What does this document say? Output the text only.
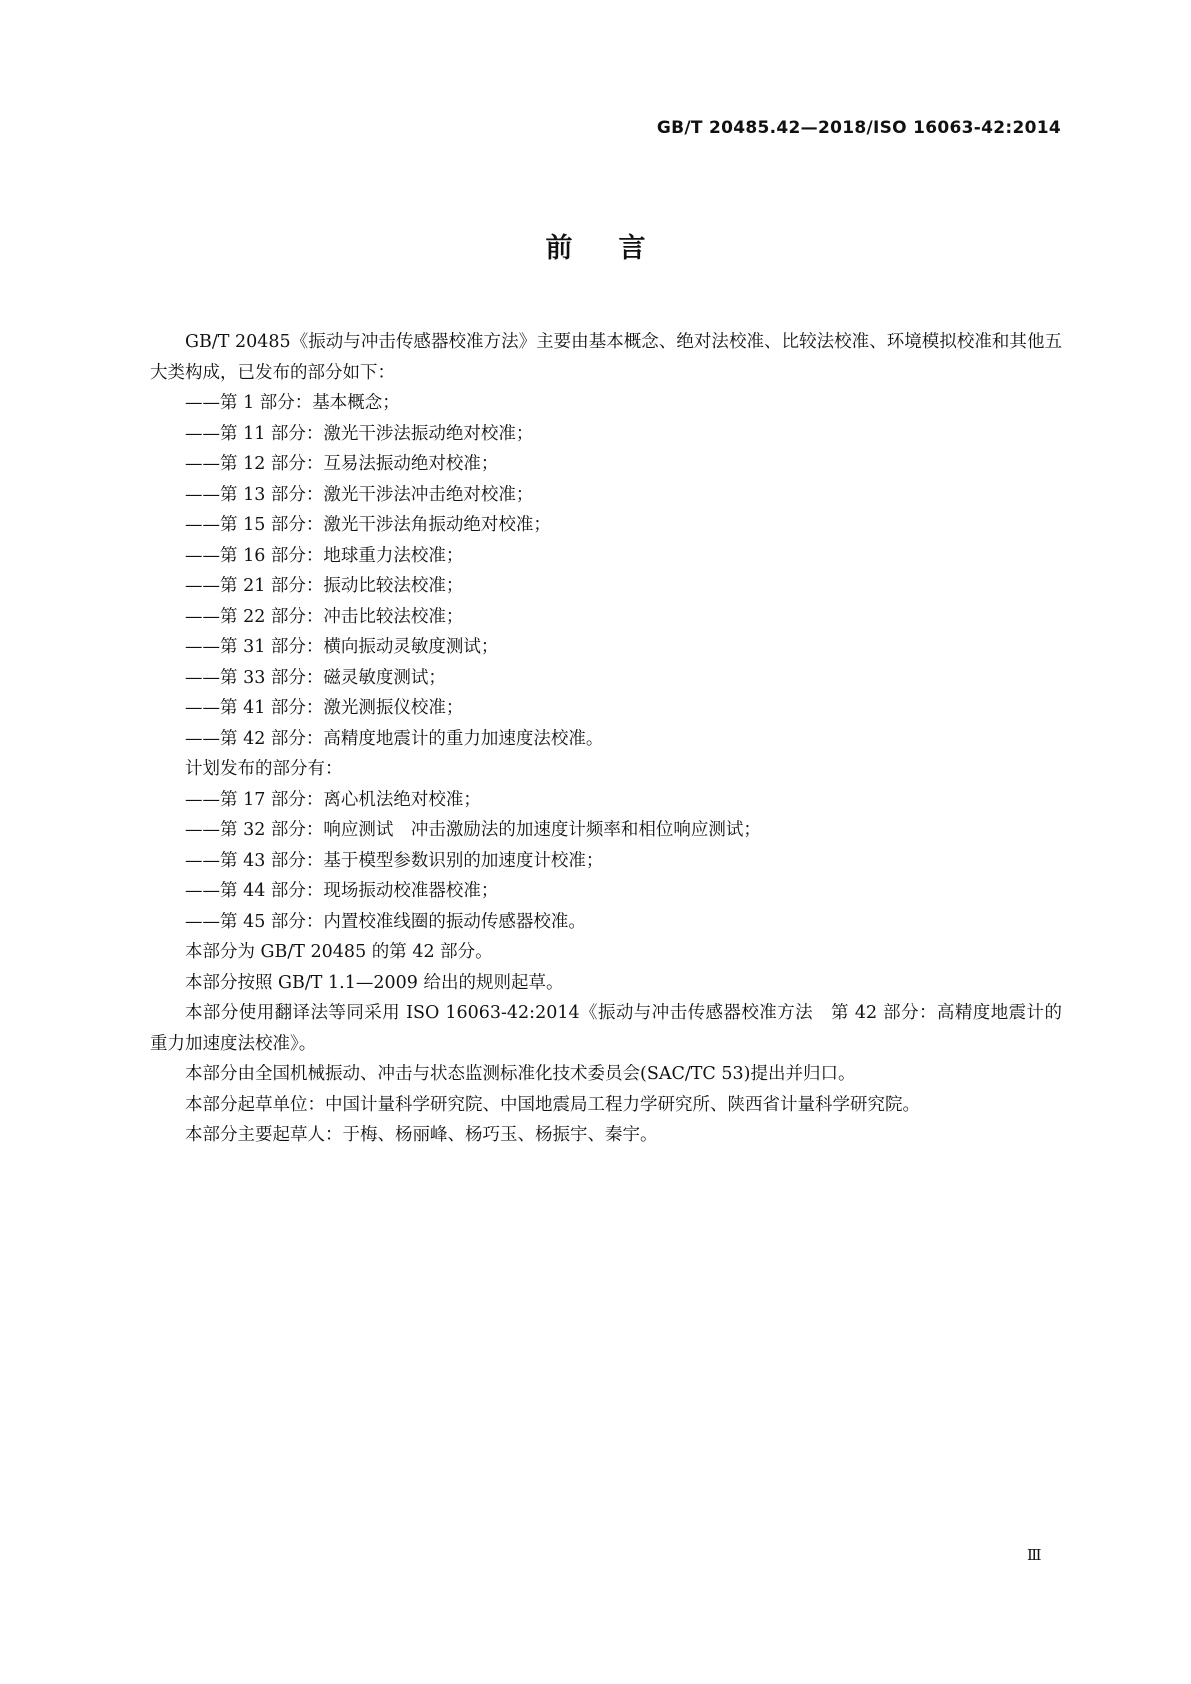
GB/T 20485.42—2018/ISO 16063-42:2014
前言

GB/T 20485《振动与冲击传感器校准方法》主要由基本概念、绝对法校准、比较法校准、环境模拟校准和其他五大类构成，已发布的部分如下：

——第 1 部分：基本概念；

——第 11 部分：激光干涉法振动绝对校准；

——第 12 部分：互易法振动绝对校准；

——第 13 部分：激光干涉法冲击绝对校准；

——第 15 部分：激光干涉法角振动绝对校准；

——第 16 部分：地球重力法校准；

——第 21 部分：振动比较法校准；

——第 22 部分：冲击比较法校准；

——第 31 部分：横向振动灵敏度测试；

——第 33 部分：磁灵敏度测试；

——第 41 部分：激光测振仪校准；

——第 42 部分：高精度地震计的重力加速度法校准。

计划发布的部分有：

——第 17 部分：离心机法绝对校准；

——第 32 部分：响应测试　冲击激励法的加速度计频率和相位响应测试；

——第 43 部分：基于模型参数识别的加速度计校准；

——第 44 部分：现场振动校准器校准；

——第 45 部分：内置校准线圈的振动传感器校准。

本部分为 GB/T 20485 的第 42 部分。

本部分按照 GB/T 1.1—2009 给出的规则起草。

本部分使用翻译法等同采用 ISO 16063-42:2014《振动与冲击传感器校准方法　第 42 部分：高精度地震计的重力加速度法校准》。

本部分由全国机械振动、冲击与状态监测标准化技术委员会(SAC/TC 53)提出并归口。

本部分起草单位：中国计量科学研究院、中国地震局工程力学研究所、陕西省计量科学研究院。

本部分主要起草人：于梅、杨丽峰、杨巧玉、杨振宇、秦宇。

Ⅲ
